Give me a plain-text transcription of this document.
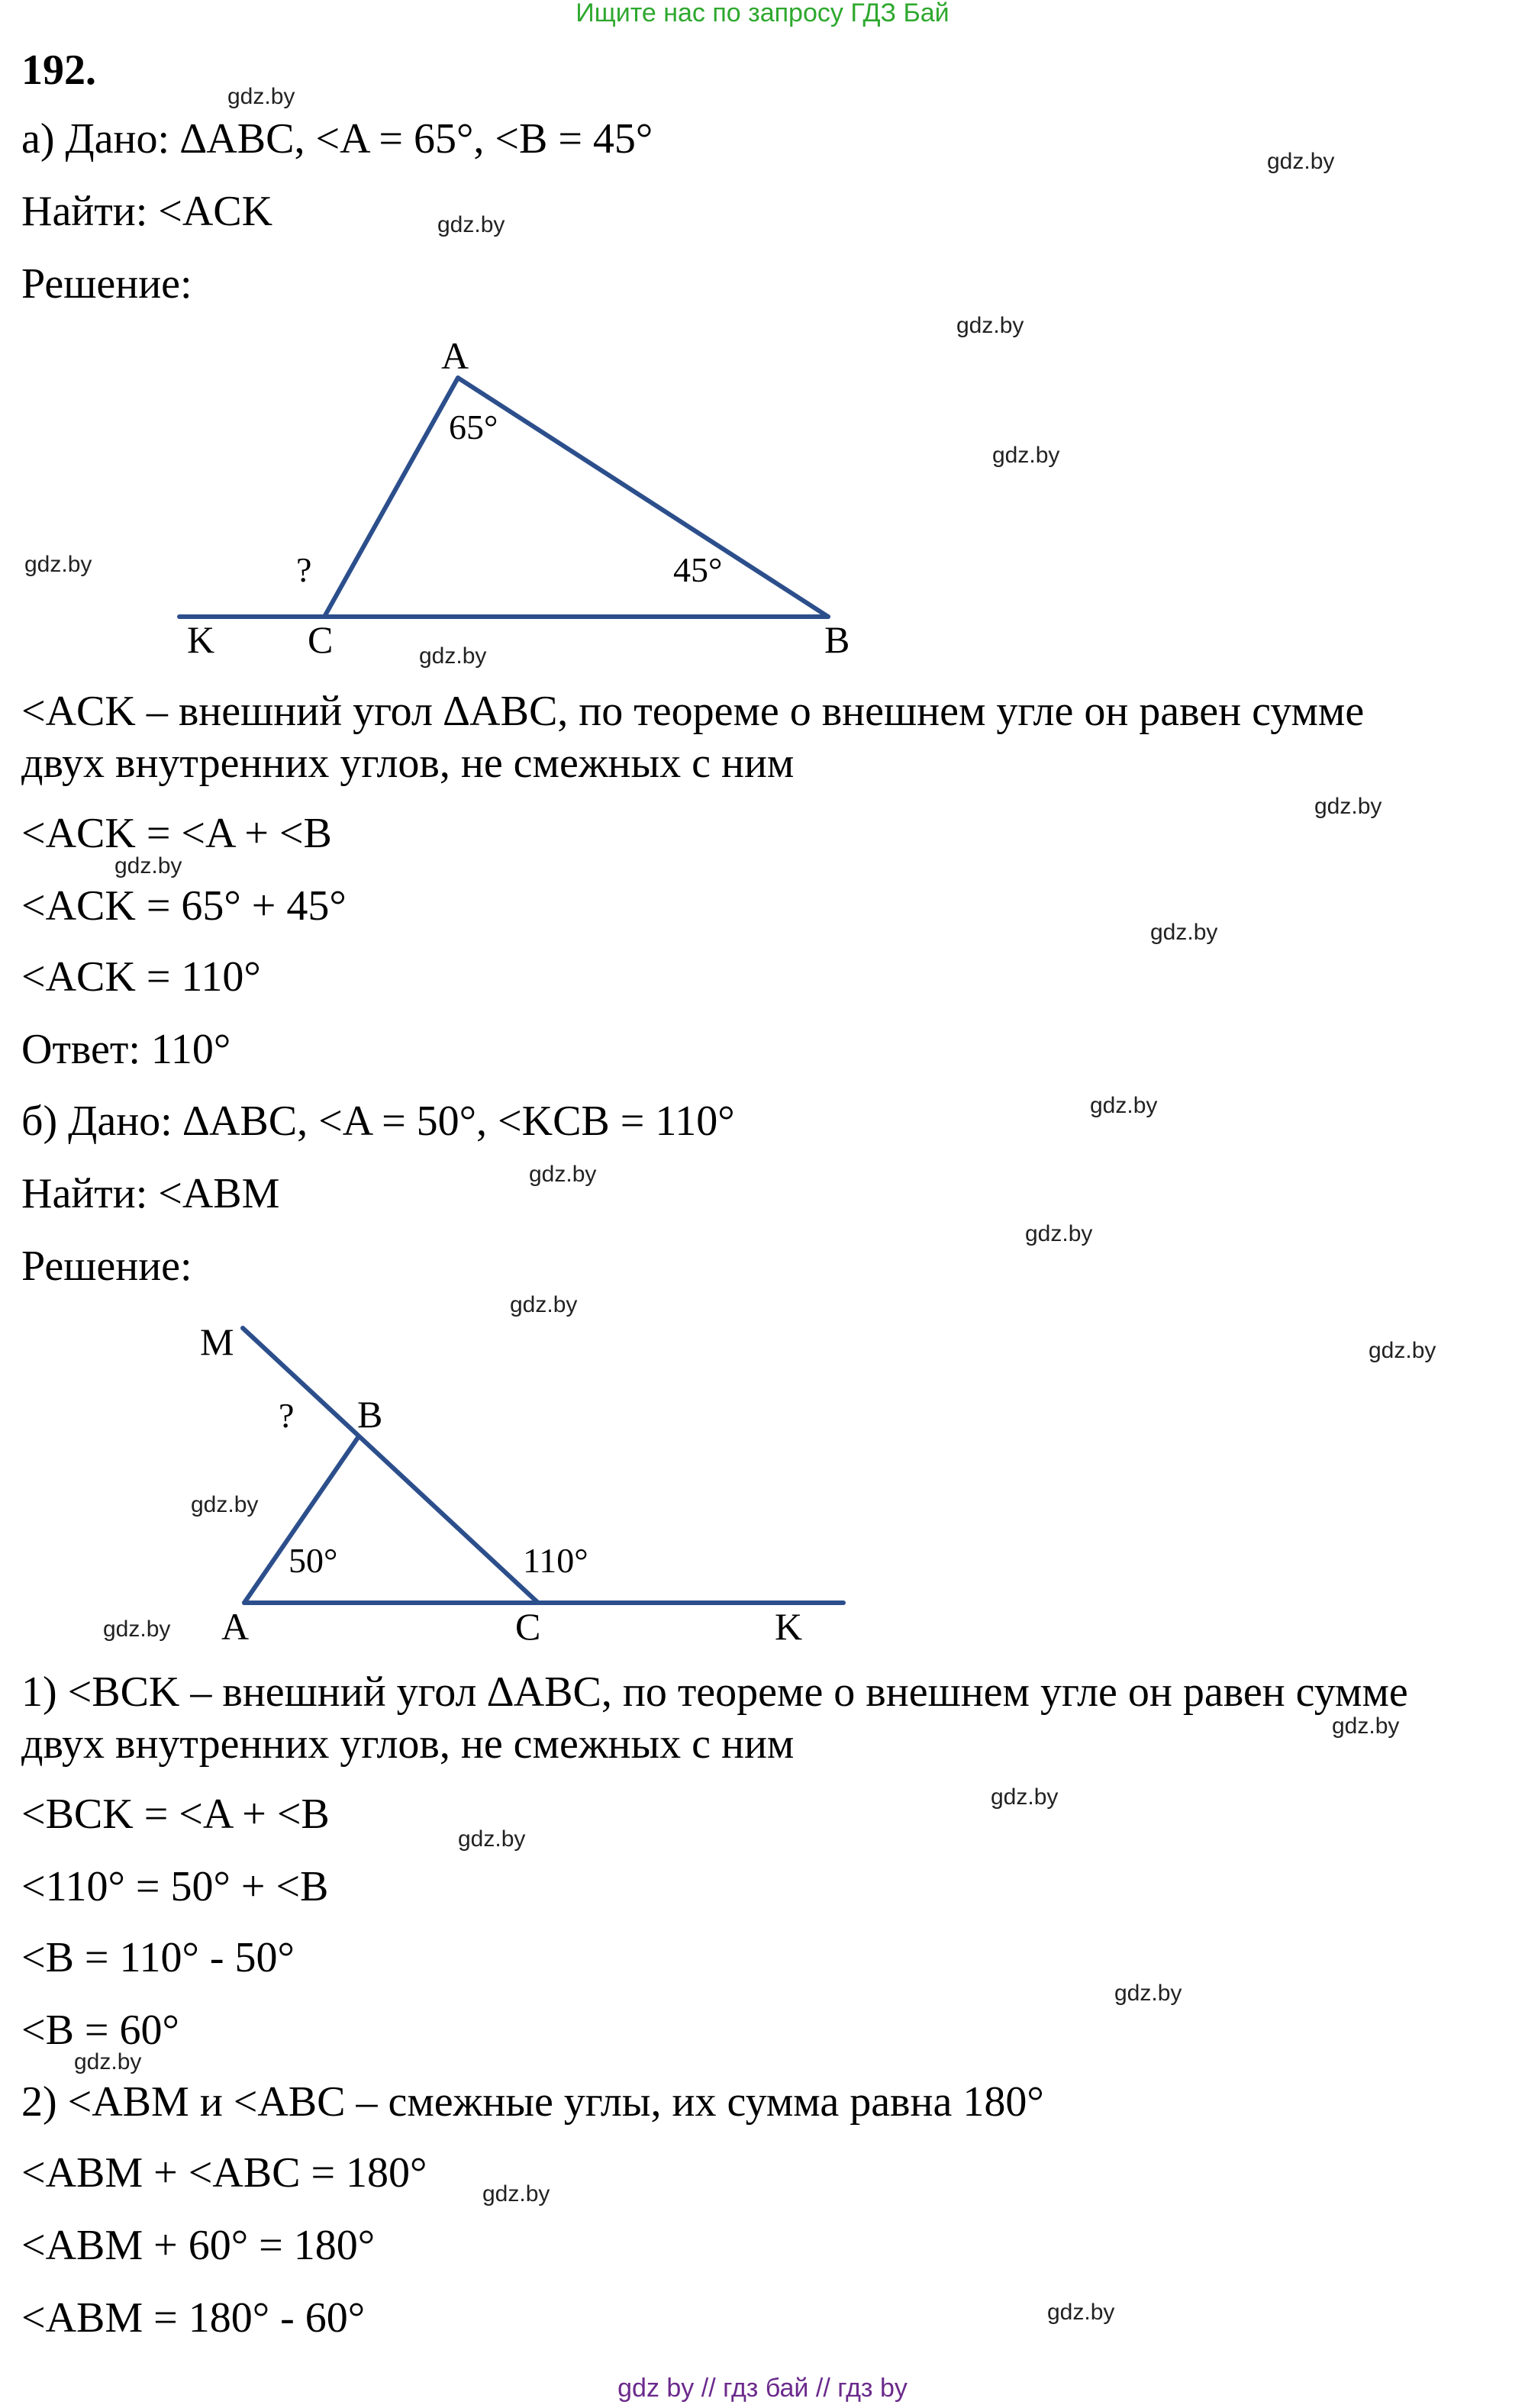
Ищите нас по запросу ГДЗ Бай
192.
а) Дано: ∆ABC, <A = 65°, <B = 45°
Найти: <ACK
Решение:
A
65°
45°
?
K C	B
<ACK – внешний угол ∆ABC, по теореме о внешнем угле он равен сумме
двух внутренних углов, не смежных с ним
<ACK = <A + <B
<ACK = 65° + 45°
<ACK = 110°
Ответ: 110°
б) Дано: ∆ABC, <A = 50°, <KCB = 110°
Найти: <ABM
Решение:
M
? B
50°	110°
A	C	K
1) <BCK – внешний угол ∆ABC, по теореме о внешнем угле он равен сумме
двух внутренних углов, не смежных с ним
<BCK = <A + <B
<110° = 50° + <B
<B = 110° - 50°
<B = 60°
2) <ABM и <ABC – смежные углы, их сумма равна 180°
<ABM + <ABC = 180°
<ABM + 60° = 180°
<ABM = 180° - 60°
gdz.by
gdz.by
gdz.by
gdz.by
gdz.by
gdz.by
gdz.by
gdz.by
gdz.by
gdz.by
gdz.by
gdz.by
gdz.by
gdz.by
gdz.by
gdz.by
gdz.by
gdz.by
gdz.by
gdz.by
gdz.by
gdz.by
gdz.by
gdz.by
gdz by // гдз бай // гдз by
